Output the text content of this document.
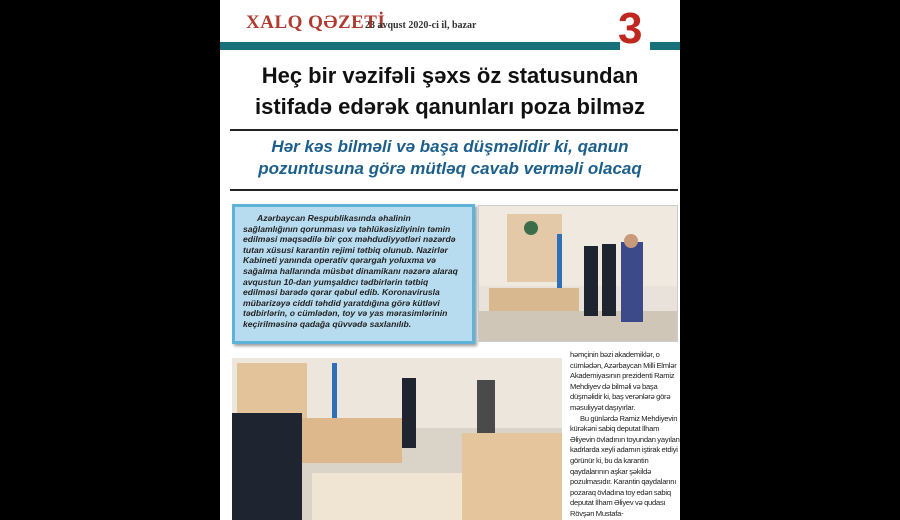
XALQ QƏZETİ
23 avqust 2020-ci il, bazar	3
Heç bir vəzifəli şəxs öz statusundan
istifadə edərək qanunları poza bilməz
Hər kəs bilməli və başa düşməlidir ki, qanun
pozuntusuna görə mütləq cavab verməli olacaq
Azərbaycan Respublikasında əhalinin sağlamlığının qorunması və təhlükəsizliyinin təmin edilməsi məqsədilə bir çox məhdudiyyətləri nəzərdə tutan xüsusi karantin rejimi tətbiq olunub. Nazirlər Kabineti yanında operativ qərargah yoluxma və sağalma hallarında müsbət dinamikanı nəzərə alaraq avqustun 10-dan yumşaldıcı tədbirlərin tətbiq edilməsi barədə qərar qəbul edib. Koronavirusla mübarizəyə ciddi təhdid yaratdığına görə kütləvi tədbirlərin, o cümlədən, toy və yas mərasimlərinin keçirilməsinə qadağa qüvvədə saxlanılıb.

həmçinin bəzi akademiklər, o cümlədən, Azərbaycan Milli Elmlər Akademiyasının prezidenti Ramiz Mehdiyev də bilməli və başa düşməlidir ki, baş verənlərə görə məsuliyyət daşıyırlar.

Bu günlərdə Ramiz Mehdiyevin kürəkəni sabiq deputat İlham Əliyevin övladının toyundan yayılan kadrlarda xeyli adamın iştirak etdiyi görünür ki, bu da karantin qaydalarının aşkar şəkildə pozulmasıdır. Karantin qaydalarını pozaraq övladına toy edən sabiq deputat İlham Əliyev və qudası Rövşən Mustafa-
